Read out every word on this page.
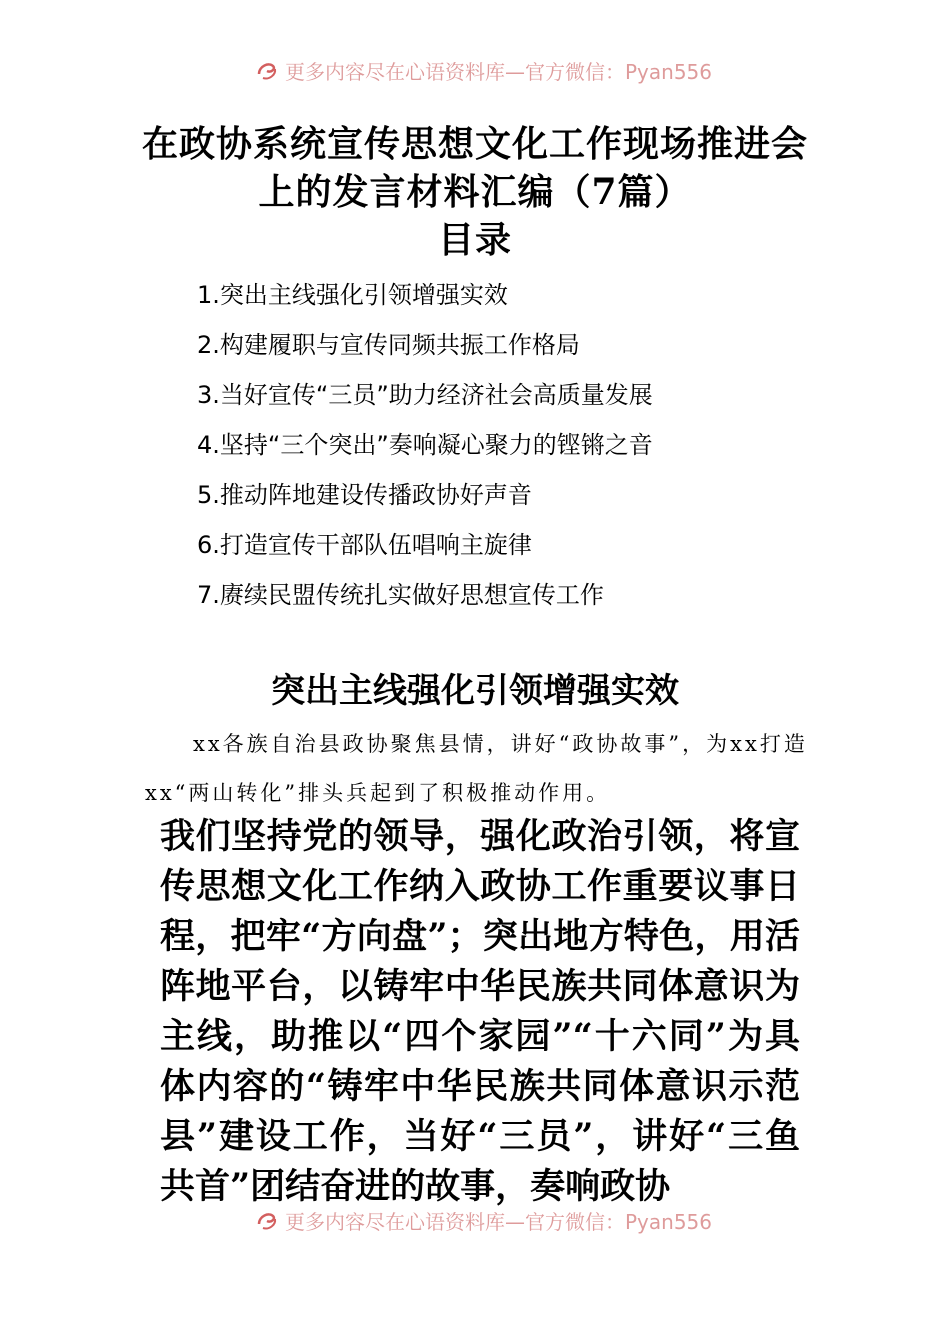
更多内容尽在心语资料库—官方微信：Pyan556
在政协系统宣传思想文化工作现场推进会
上的发言材料汇编（7篇）
目录
1.突出主线强化引领增强实效
2.构建履职与宣传同频共振工作格局
3.当好宣传“三员”助力经济社会高质量发展
4.坚持“三个突出”奏响凝心聚力的铿锵之音
5.推动阵地建设传播政协好声音
6.打造宣传干部队伍唱响主旋律
7.赓续民盟传统扎实做好思想宣传工作
突出主线强化引领增强实效

xx各族自治县政协聚焦县情，讲好“政协故事”，为xx打造xx“两山转化”排头兵起到了积极推动作用。

我们坚持党的领导，强化政治引领，将宣传思想文化工作纳入政协工作重要议事日程，把牢“方向盘”；突出地方特色，用活阵地平台，以铸牢中华民族共同体意识为主线，助推以“四个家园”“十六同”为具体内容的“铸牢中华民族共同体意识示范县”建设工作，当好“三员”，讲好“三鱼共首”团结奋进的故事，奏响政协

更多内容尽在心语资料库—官方微信：Pyan556
